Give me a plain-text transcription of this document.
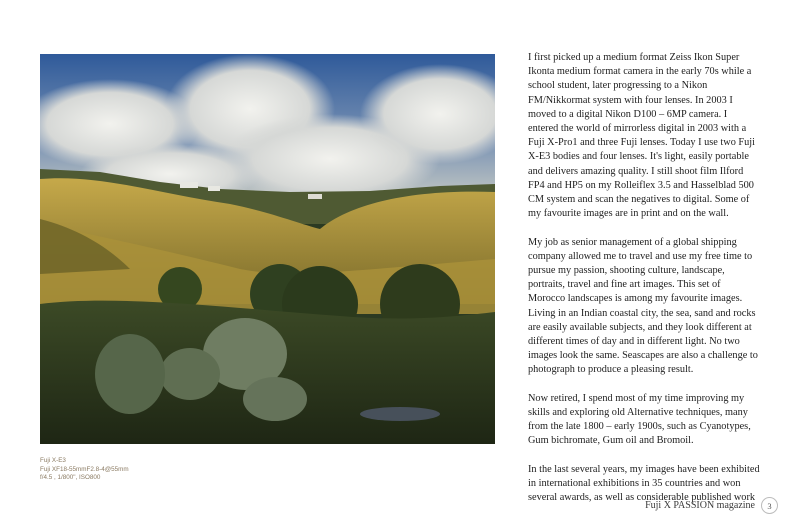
Fuji X-E3
Fuji XF18-55mmF2.8-4@55mm
f/4.5 , 1/800", ISO800

I first picked up a medium format Zeiss Ikon Super Ikonta medium format camera in the early 70s while a school student, later progressing to a Nikon FM/Nikkormat system with four lenses. In 2003 I moved to a digital Nikon D100 – 6MP camera. I entered the world of mirrorless digital in 2003 with a Fuji X-Pro1 and three Fuji lenses. Today I use two Fuji X-E3 bodies and four lenses. It's light, easily portable and delivers amazing quality. I still shoot film Ilford FP4 and HP5 on my Rolleiflex 3.5 and Hasselblad 500 CM system and scan the negatives to digital. Some of my favourite images are in print and on the wall.

My job as senior management of a global shipping company allowed me to travel and use my free time to pursue my passion, shooting culture, landscape, portraits, travel and fine art images. This set of Morocco landscapes is among my favourite images. Living in an Indian coastal city, the sea, sand and rocks are easily available subjects, and they look different at different times of day and in different light. No two images look the same. Seascapes are also a challenge to photograph to produce a pleasing result.

Now retired, I spend most of my time improving my skills and exploring old Alternative techniques, many from the late 1800 – early 1900s, such as Cyanotypes, Gum bichromate, Gum oil and Bromoil.

In the last several years, my images have been exhibited in international exhibitions in 35 countries and won several awards, as well as considerable published work

Fuji X PASSION magazine	3
